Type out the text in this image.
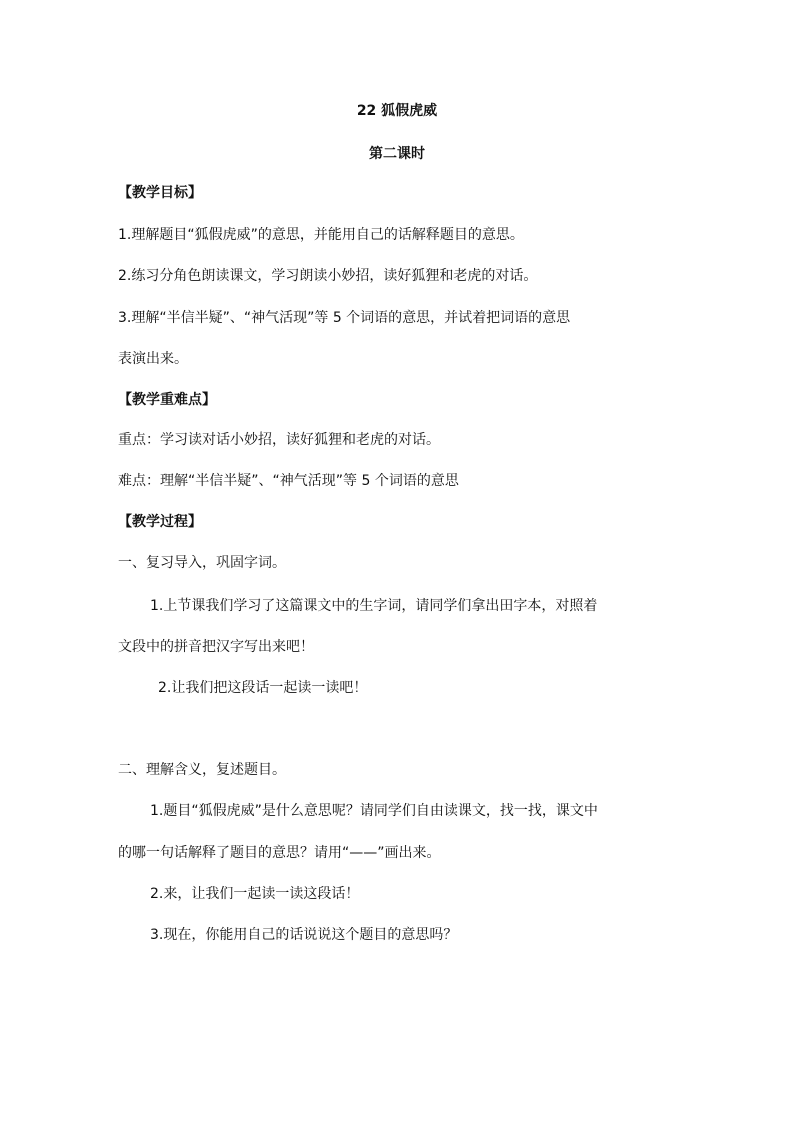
22 狐假虎威
第二课时
【教学目标】
1.理解题目“狐假虎威”的意思，并能用自己的话解释题目的意思。
2.练习分角色朗读课文，学习朗读小妙招，读好狐狸和老虎的对话。
3.理解“半信半疑”、“神气活现”等 5 个词语的意思，并试着把词语的意思
表演出来。
【教学重难点】
重点：学习读对话小妙招，读好狐狸和老虎的对话。
难点：理解“半信半疑”、“神气活现”等 5 个词语的意思
【教学过程】
一、复习导入，巩固字词。
1.上节课我们学习了这篇课文中的生字词，请同学们拿出田字本，对照着
文段中的拼音把汉字写出来吧！
2.让我们把这段话一起读一读吧！
二、理解含义，复述题目。
1.题目“狐假虎威”是什么意思呢？请同学们自由读课文，找一找，课文中
的哪一句话解释了题目的意思？请用“——”画出来。
2.来，让我们一起读一读这段话！
3.现在，你能用自己的话说说这个题目的意思吗？
